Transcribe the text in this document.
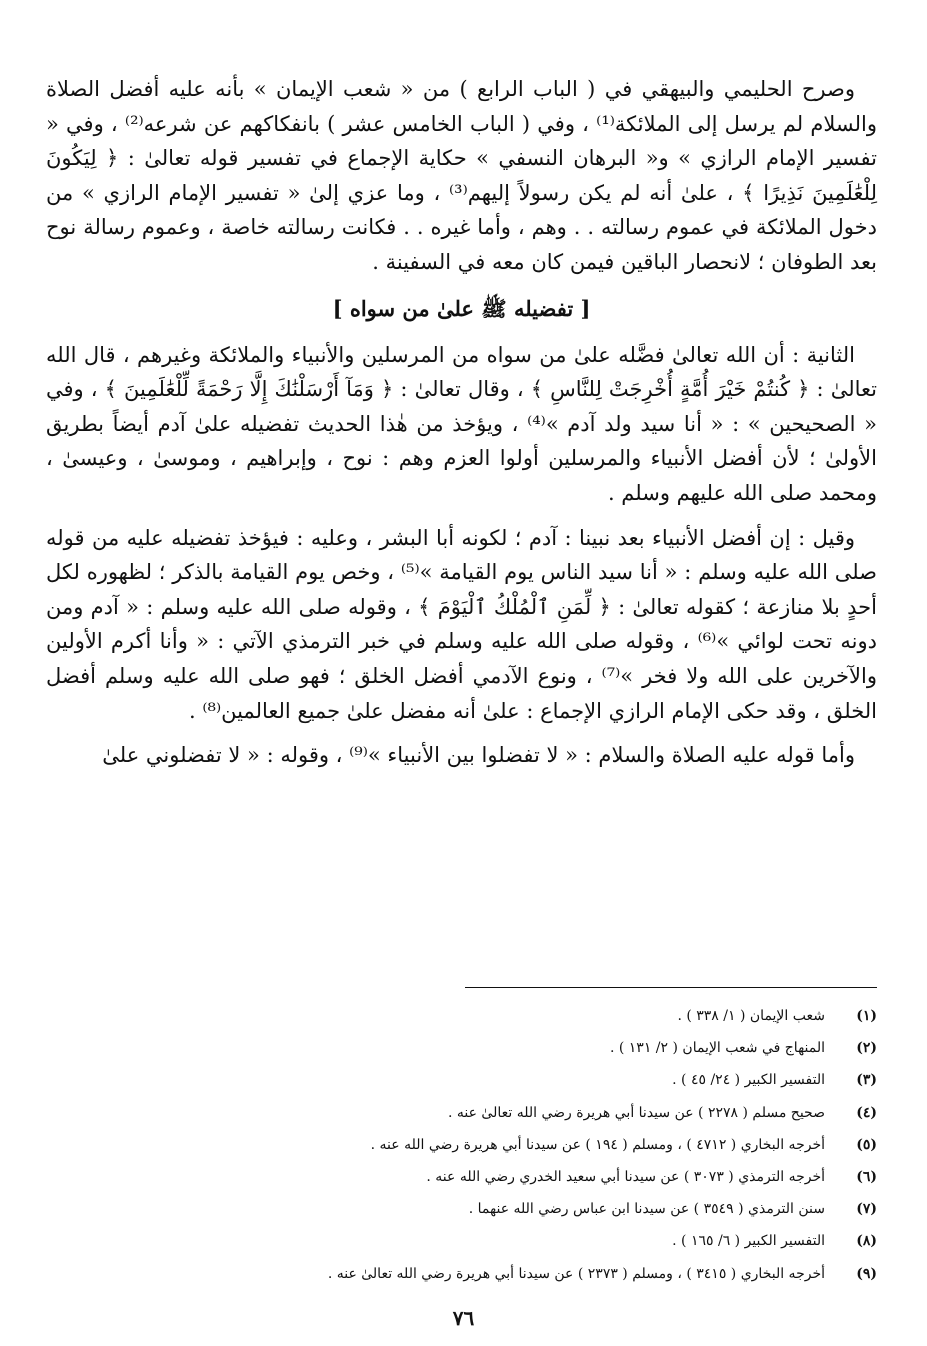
وصرح الحليمي والبيهقي في ( الباب الرابع ) من « شعب الإيمان » بأنه عليه أفضل الصلاة والسلام لم يرسل إلى الملائكة⁽¹⁾ ، وفي ( الباب الخامس عشر ) بانفكاكهم عن شرعه⁽²⁾ ، وفي « تفسير الإمام الرازي » و« البرهان النسفي » حكاية الإجماع في تفسير قوله تعالىٰ : ﴿ لِيَكُونَ لِلْعَٰلَمِينَ نَذِيرًا ﴾ ، علىٰ أنه لم يكن رسولاً إليهم⁽³⁾ ، وما عزي إلىٰ « تفسير الإمام الرازي » من دخول الملائكة في عموم رسالته . . وهم ، وأما غيره . . فكانت رسالته خاصة ، وعموم رسالة نوح بعد الطوفان ؛ لانحصار الباقين فيمن كان معه في السفينة .

[ تفضيله ﷺ علىٰ من سواه ]

الثانية : أن الله تعالىٰ فضَّله علىٰ من سواه من المرسلين والأنبياء والملائكة وغيرهم ، قال الله تعالىٰ : ﴿ كُنتُمْ خَيْرَ أُمَّةٍ أُخْرِجَتْ لِلنَّاسِ ﴾ ، وقال تعالىٰ : ﴿ وَمَآ أَرْسَلْنَٰكَ إِلَّا رَحْمَةً لِّلْعَٰلَمِينَ ﴾ ، وفي « الصحيحين » : « أنا سيد ولد آدم »⁽⁴⁾ ، ويؤخذ من هٰذا الحديث تفضيله علىٰ آدم أيضاً بطريق الأولىٰ ؛ لأن أفضل الأنبياء والمرسلين أولوا العزم وهم : نوح ، وإبراهيم ، وموسىٰ ، وعيسىٰ ، ومحمد صلى الله عليهم وسلم .

وقيل : إن أفضل الأنبياء بعد نبينا : آدم ؛ لكونه أبا البشر ، وعليه : فيؤخذ تفضيله عليه من قوله صلى الله عليه وسلم : « أنا سيد الناس يوم القيامة »⁽⁵⁾ ، وخص يوم القيامة بالذكر ؛ لظهوره لكل أحدٍ بلا منازعة ؛ كقوله تعالىٰ : ﴿ لِّمَنِ ٱلْمُلْكُ ٱلْيَوْمَ ﴾ ، وقوله صلى الله عليه وسلم : « آدم ومن دونه تحت لوائي »⁽⁶⁾ ، وقوله صلى الله عليه وسلم في خبر الترمذي الآتي : « وأنا أكرم الأولين والآخرين على الله ولا فخر »⁽⁷⁾ ، ونوع الآدمي أفضل الخلق ؛ فهو صلى الله عليه وسلم أفضل الخلق ، وقد حكى الإمام الرازي الإجماع : علىٰ أنه مفضل علىٰ جميع العالمين⁽⁸⁾ .

وأما قوله عليه الصلاة والسلام : « لا تفضلوا بين الأنبياء »⁽⁹⁾ ، وقوله : « لا تفضلوني علىٰ

(١)
شعب الإيمان ( ١/ ٣٣٨ ) .
(٢)
المنهاج في شعب الإيمان ( ٢/ ١٣١ ) .
(٣)
التفسير الكبير ( ٢٤/ ٤٥ ) .
(٤)
صحيح مسلم ( ٢٢٧٨ ) عن سيدنا أبي هريرة رضي الله تعالىٰ عنه .
(٥)
أخرجه البخاري ( ٤٧١٢ ) ، ومسلم ( ١٩٤ ) عن سيدنا أبي هريرة رضي الله عنه .
(٦)
أخرجه الترمذي ( ٣٠٧٣ ) عن سيدنا أبي سعيد الخدري رضي الله عنه .
(٧)
سنن الترمذي ( ٣٥٤٩ ) عن سيدنا ابن عباس رضي الله عنهما .
(٨)
التفسير الكبير ( ٦/ ١٦٥ ) .
(٩)
أخرجه البخاري ( ٣٤١٥ ) ، ومسلم ( ٢٣٧٣ ) عن سيدنا أبي هريرة رضي الله تعالىٰ عنه .
٧٦
